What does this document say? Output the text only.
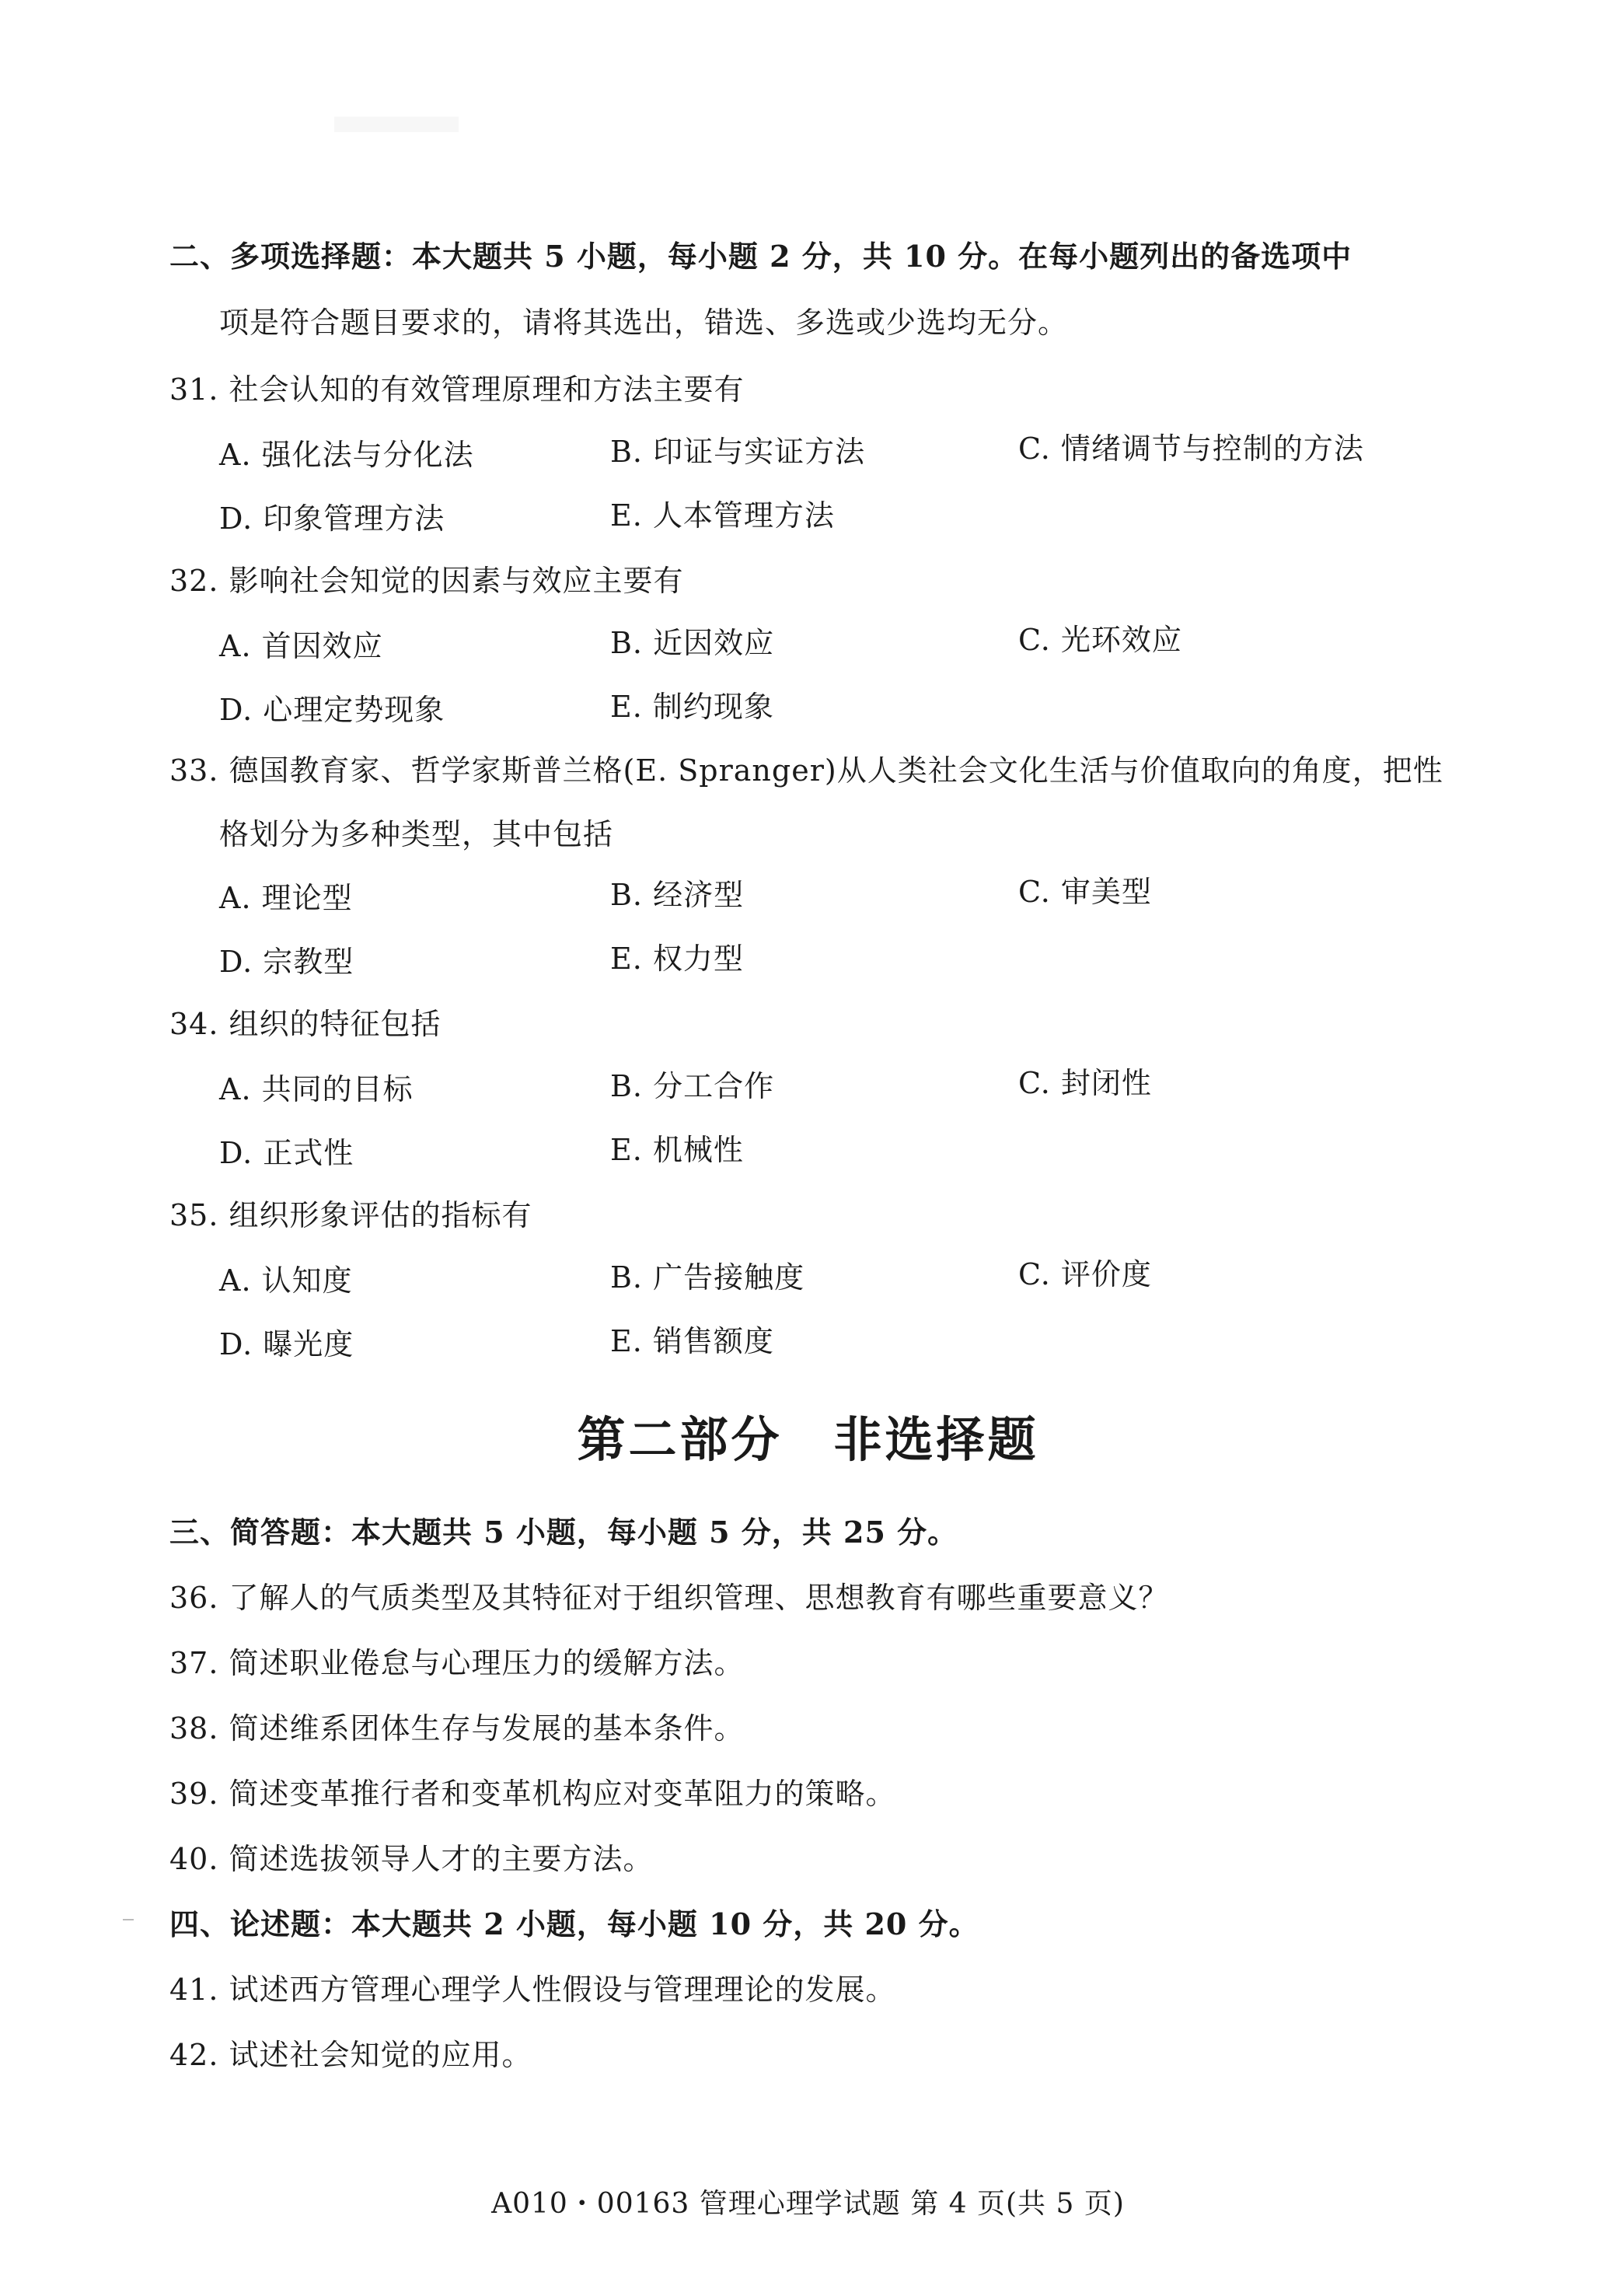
二、多项选择题：本大题共 5 小题，每小题 2 分，共 10 分。在每小题列出的备选项中
项是符合题目要求的，请将其选出，错选、多选或少选均无分。
31. 社会认知的有效管理原理和方法主要有
A. 强化法与分化法	B. 印证与实证方法	C. 情绪调节与控制的方法
D. 印象管理方法	E. 人本管理方法
32. 影响社会知觉的因素与效应主要有
A. 首因效应	B. 近因效应	C. 光环效应
D. 心理定势现象	E. 制约现象
33. 德国教育家、哲学家斯普兰格(E. Spranger)从人类社会文化生活与价值取向的角度，把性
格划分为多种类型，其中包括
A. 理论型	B. 经济型	C. 审美型
D. 宗教型	E. 权力型
34. 组织的特征包括
A. 共同的目标	B. 分工合作	C. 封闭性
D. 正式性	E. 机械性
35. 组织形象评估的指标有
A. 认知度	B. 广告接触度	C. 评价度
D. 曝光度	E. 销售额度
第二部分　非选择题
三、简答题：本大题共 5 小题，每小题 5 分，共 25 分。
36. 了解人的气质类型及其特征对于组织管理、思想教育有哪些重要意义？
37. 简述职业倦怠与心理压力的缓解方法。
38. 简述维系团体生存与发展的基本条件。
39. 简述变革推行者和变革机构应对变革阻力的策略。
40. 简述选拔领导人才的主要方法。
四、论述题：本大题共 2 小题，每小题 10 分，共 20 分。
41. 试述西方管理心理学人性假设与管理理论的发展。
42. 试述社会知觉的应用。
A010・00163 管理心理学试题 第 4 页(共 5 页)
